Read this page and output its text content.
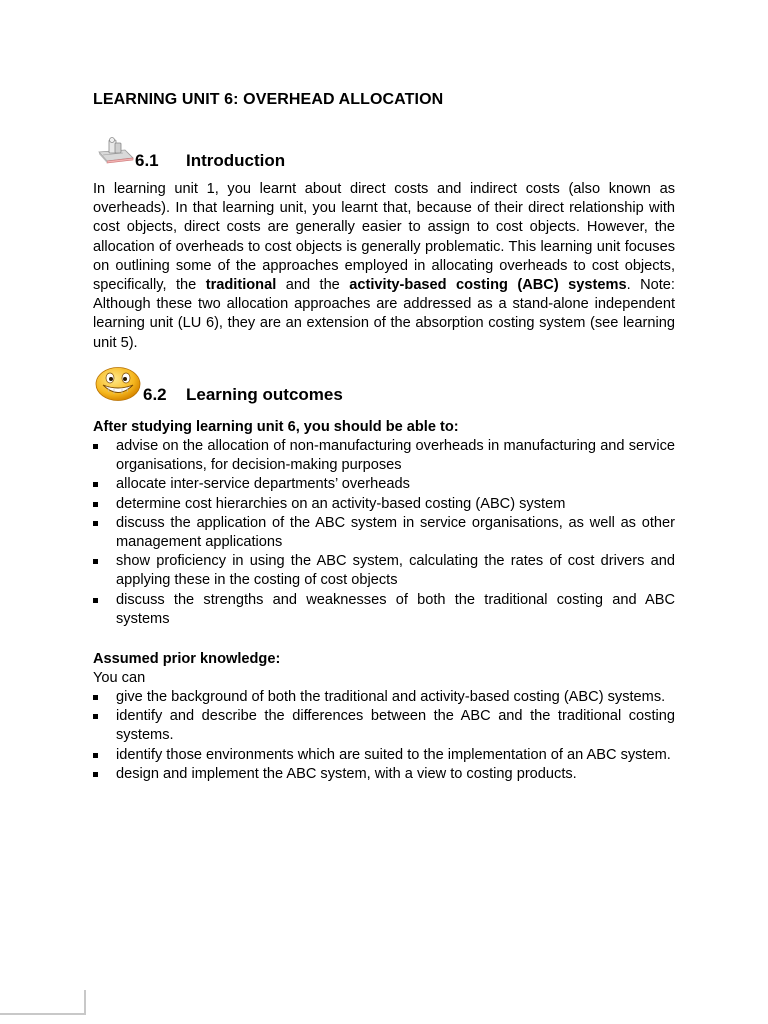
LEARNING UNIT 6: OVERHEAD ALLOCATION
6.1 Introduction

In learning unit 1, you learnt about direct costs and indirect costs (also known as overheads). In that learning unit, you learnt that, because of their direct relationship with cost objects, direct costs are generally easier to assign to cost objects. However, the allocation of overheads to cost objects is generally problematic. This learning unit focuses on outlining some of the approaches employed in allocating overheads to cost objects, specifically, the traditional and the activity-based costing (ABC) systems. Note: Although these two allocation approaches are addressed as a stand-alone independent learning unit (LU 6), they are an extension of the absorption costing system (see learning unit 5).

6.2 Learning outcomes

After studying learning unit 6, you should be able to:

advise on the allocation of non-manufacturing overheads in manufacturing and service organisations, for decision-making purposes
allocate inter-service departments’ overheads
determine cost hierarchies on an activity-based costing (ABC) system
discuss the application of the ABC system in service organisations, as well as other management applications
show proficiency in using the ABC system, calculating the rates of cost drivers and applying these in the costing of cost objects
discuss the strengths and weaknesses of both the traditional costing and ABC systems

Assumed prior knowledge:

You can

give the background of both the traditional and activity-based costing (ABC) systems.
identify and describe the differences between the ABC and the traditional costing systems.
identify those environments which are suited to the implementation of an ABC system.
design and implement the ABC system, with a view to costing products.
